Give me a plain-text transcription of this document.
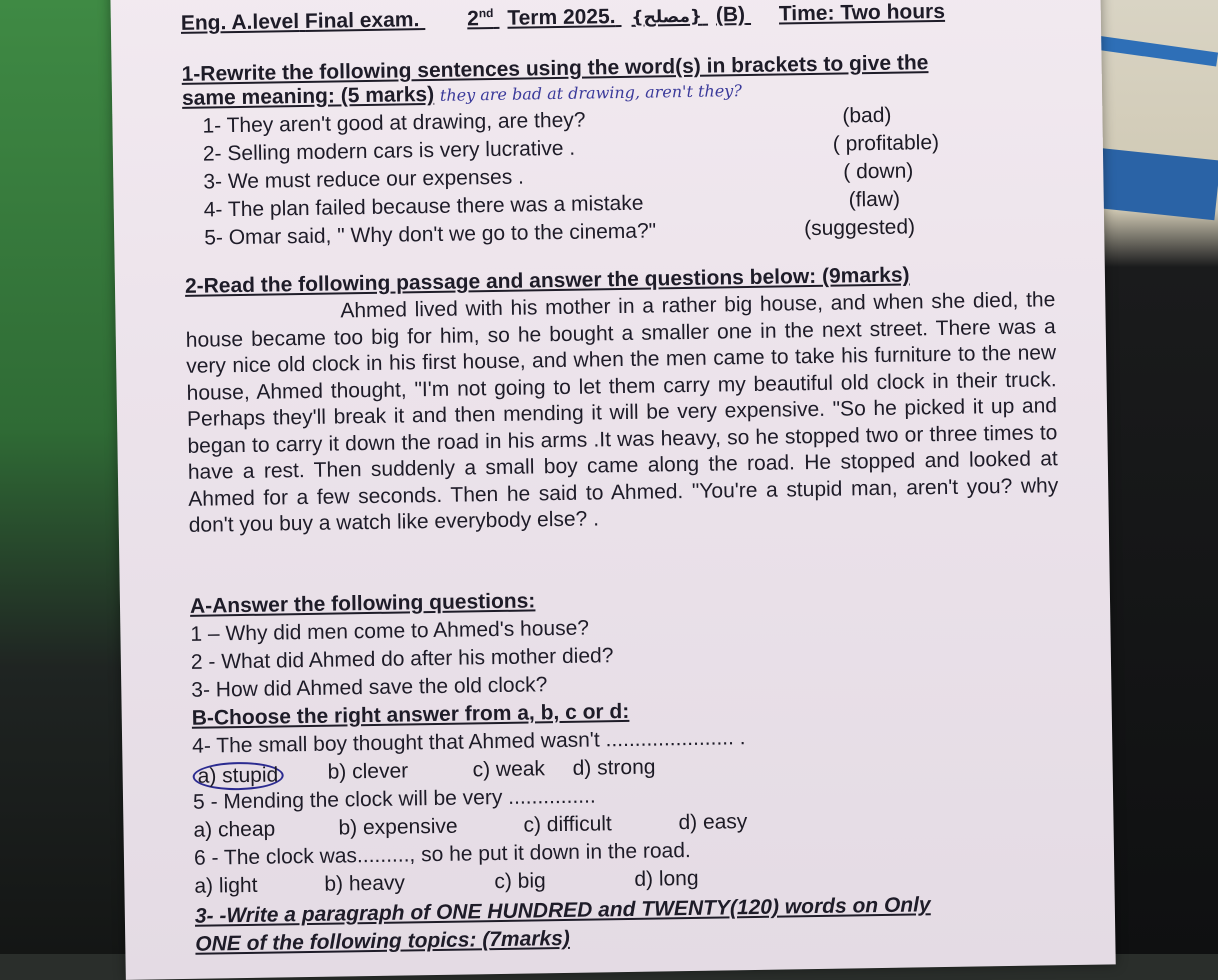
Eng. A.level Final exam. 2nd Term 2025. {مصلح} (B) Time: Two hours
1-Rewrite the following sentences using the word(s) in brackets to give the
same meaning: (5 marks) they are bad at drawing, aren't they?
1- They aren't good at drawing, are they?	(bad)
2- Selling modern cars is very lucrative .	( profitable)
3- We must reduce our expenses .	( down)
4- The plan failed because there was a mistake	(flaw)
5- Omar said, " Why don't we go to the cinema?"	(suggested)
2-Read the following passage and answer the questions below: (9marks)

Ahmed lived with his mother in a rather big house, and when she died, the house became too big for him, so he bought a smaller one in the next street. There was a very nice old clock in his first house, and when the men came to take his furniture to the new house, Ahmed thought, "I'm not going to let them carry my beautiful old clock in their truck. Perhaps they'll break it and then mending it will be very expensive. "So he picked it up and began to carry it down the road in his arms .It was heavy, so he stopped two or three times to have a rest. Then suddenly a small boy came along the road. He stopped and looked at Ahmed for a few seconds. Then he said to Ahmed. "You're a stupid man, aren't you? why don't you buy a watch like everybody else? .

A-Answer the following questions:
1 – Why did men come to Ahmed's house?
2 - What did Ahmed do after his mother died?
3- How did Ahmed save the old clock?
B-Choose the right answer from a, b, c or d:
4- The small boy thought that Ahmed wasn't ...................... .
a) stupid b) clever	c) weak d) strong
5 - Mending the clock will be very ...............
a) cheap	b) expensive	c) difficult	d) easy
6 - The clock was........., so he put it down in the road.
a) light	b) heavy	c) big	d) long
3- -Write a paragraph of ONE HUNDRED and TWENTY(120) words on Only
ONE of the following topics: (7marks)
